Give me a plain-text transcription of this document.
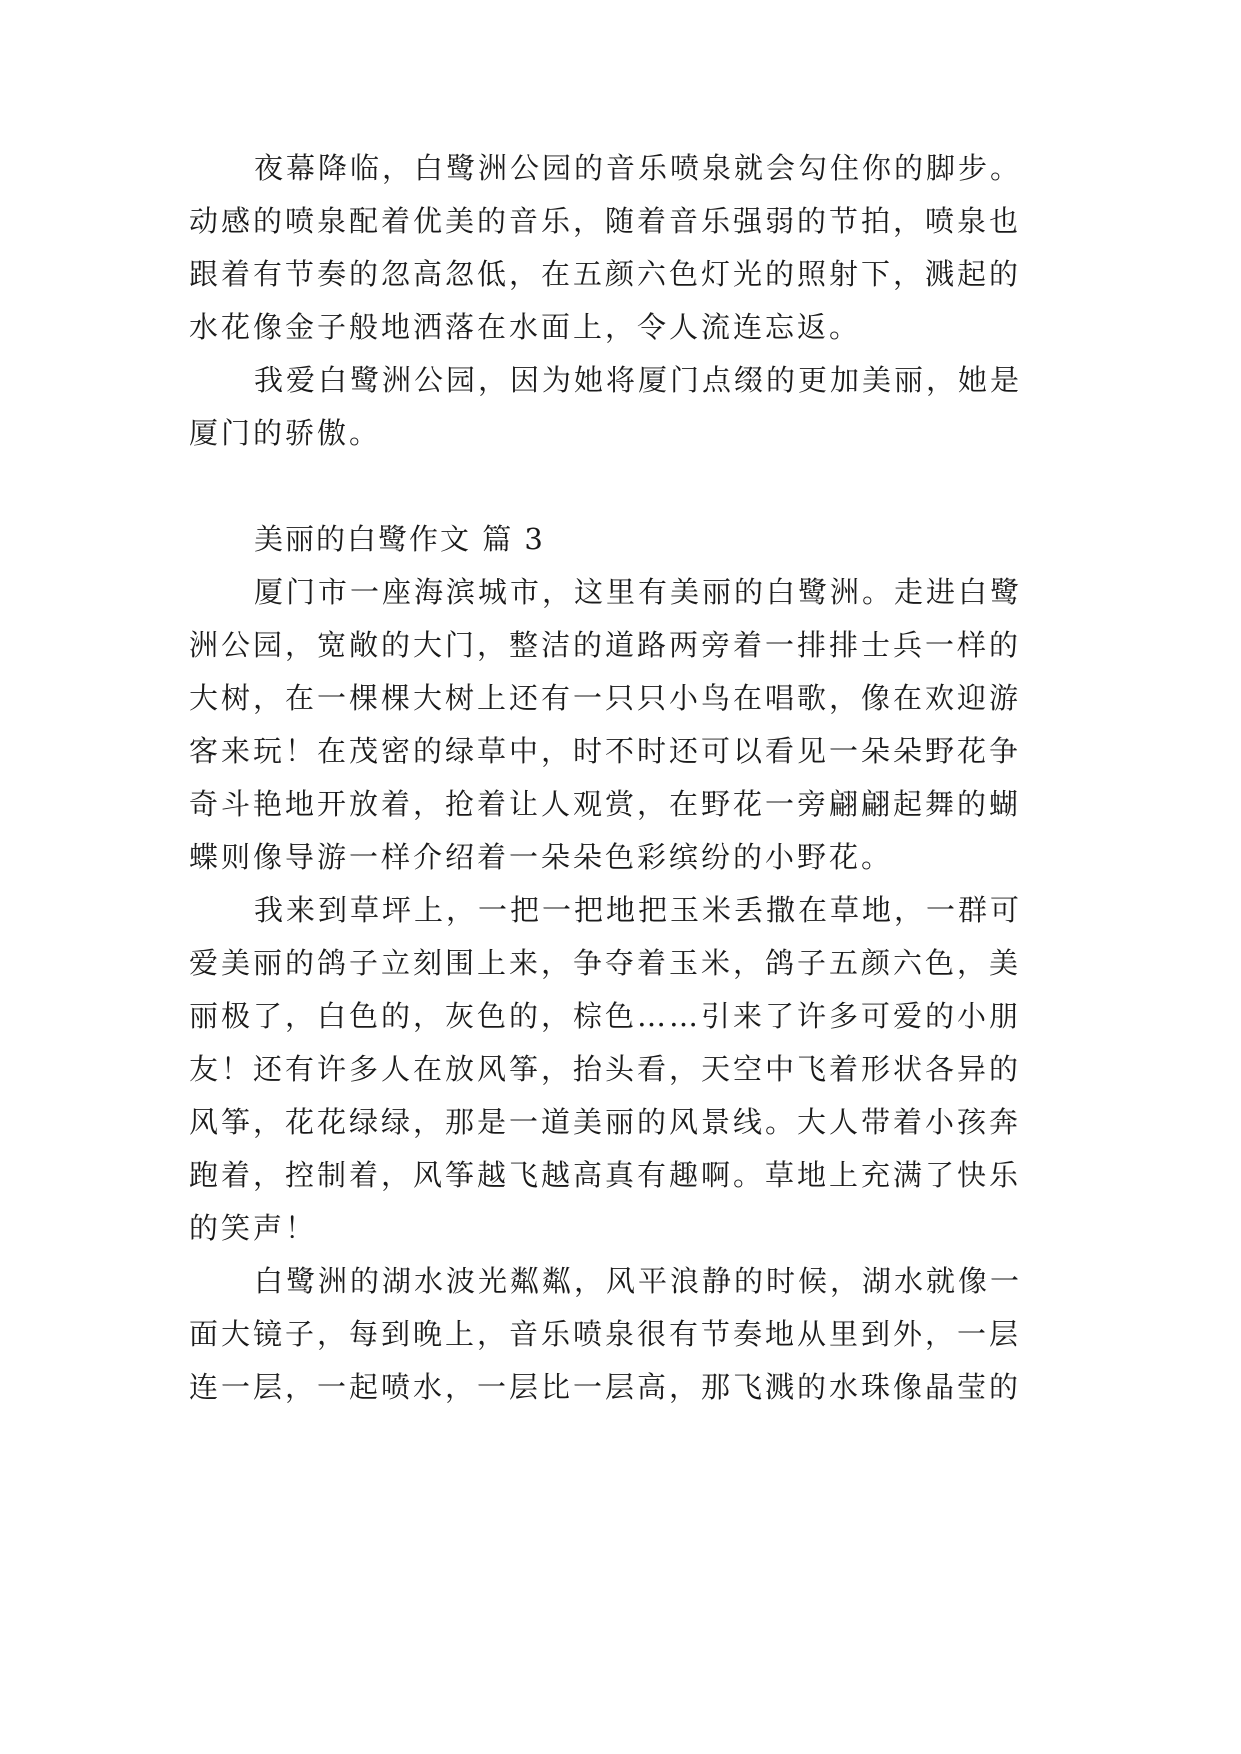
夜幕降临，白鹭洲公园的音乐喷泉就会勾住你的脚步。
动感的喷泉配着优美的音乐，随着音乐强弱的节拍，喷泉也
跟着有节奏的忽高忽低，在五颜六色灯光的照射下，溅起的
水花像金子般地洒落在水面上，令人流连忘返。
我爱白鹭洲公园，因为她将厦门点缀的更加美丽，她是
厦门的骄傲。
美丽的白鹭作文 篇 3
厦门市一座海滨城市，这里有美丽的白鹭洲。走进白鹭
洲公园，宽敞的大门，整洁的道路两旁着一排排士兵一样的
大树，在一棵棵大树上还有一只只小鸟在唱歌，像在欢迎游
客来玩！在茂密的绿草中，时不时还可以看见一朵朵野花争
奇斗艳地开放着，抢着让人观赏，在野花一旁翩翩起舞的蝴
蝶则像导游一样介绍着一朵朵色彩缤纷的小野花。
我来到草坪上，一把一把地把玉米丢撒在草地，一群可
爱美丽的鸽子立刻围上来，争夺着玉米，鸽子五颜六色，美
丽极了，白色的，灰色的，棕色……引来了许多可爱的小朋
友！还有许多人在放风筝，抬头看，天空中飞着形状各异的
风筝，花花绿绿，那是一道美丽的风景线。大人带着小孩奔
跑着，控制着，风筝越飞越高真有趣啊。草地上充满了快乐
的笑声！
白鹭洲的湖水波光粼粼，风平浪静的时候，湖水就像一
面大镜子，每到晚上，音乐喷泉很有节奏地从里到外，一层
连一层，一起喷水，一层比一层高，那飞溅的水珠像晶莹的
